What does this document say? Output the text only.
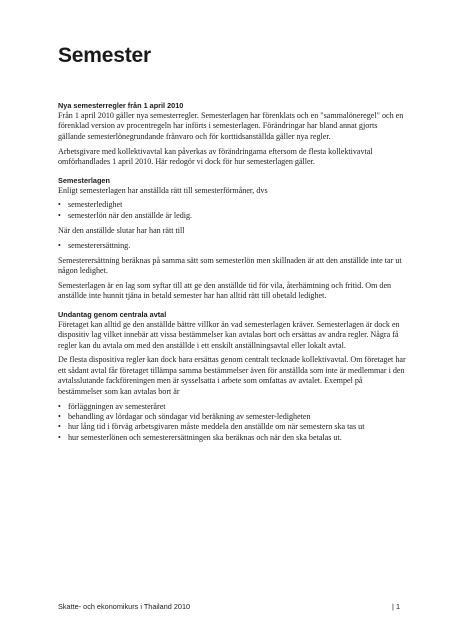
Semester
Nya semesterregler från 1 april 2010

Från 1 april 2010 gäller nya semesterregler. Semesterlagen har förenklats och en "sammalöneregel" och en förenklad version av procentregeln har införts i semesterlagen. Förändringar har bland annat gjorts gällande semesterlönegrundande frånvaro och för korttidsanställda gäller nya regler.

Arbetsgivare med kollektivavtal kan påverkas av förändringarna eftersom de flesta kollektivavtal omförhandlades 1 april 2010. Här redogör vi dock för hur semesterlagen gäller.

Semesterlagen

Enligt semesterlagen har anställda rätt till semesterförmåner, dvs

• semesterledighet
• semesterlön när den anställde är ledig.

När den anställde slutar har han rätt till

• semesterersättning.

Semesterersättning beräknas på samma sätt som semesterlön men skillnaden är att den anställde inte tar ut någon ledighet.

Semesterlagen är en lag som syftar till att ge den anställde tid för vila, återhämtning och fritid. Om den anställde inte hunnit tjäna in betald semester har han alltid rätt till obetald ledighet.

Undantag genom centrala avtal

Företaget kan alltid ge den anställde bättre villkor än vad semesterlagen kräver. Semesterlagen är dock en dispositiv lag vilket innebär att vissa bestämmelser kan avtalas bort och ersättas av andra regler. Några få regler kan du avtala om med den anställde i ett enskilt anställningsavtal eller lokalt avtal.

De flesta dispositiva regler kan dock bara ersättas genom centralt tecknade kollektivavtal. Om företaget har ett sådant avtal får företaget tillämpa samma bestämmelser även för anställda som inte är medlemmar i den avtalsslutande fackföreningen men är sysselsatta i arbete som omfattas av avtalet. Exempel på bestämmelser som kan avtalas bort är

• förläggningen av semesteråret
• behandling av lördagar och söndagar vid beräkning av semester-ledigheten
• hur lång tid i förväg arbetsgivaren måste meddela den anställde om när semestern ska tas ut
• hur semesterlönen och semesterersättningen ska beräknas och när den ska betalas ut.
Skatte- och ekonomikurs i Thailand 2010	| 1
